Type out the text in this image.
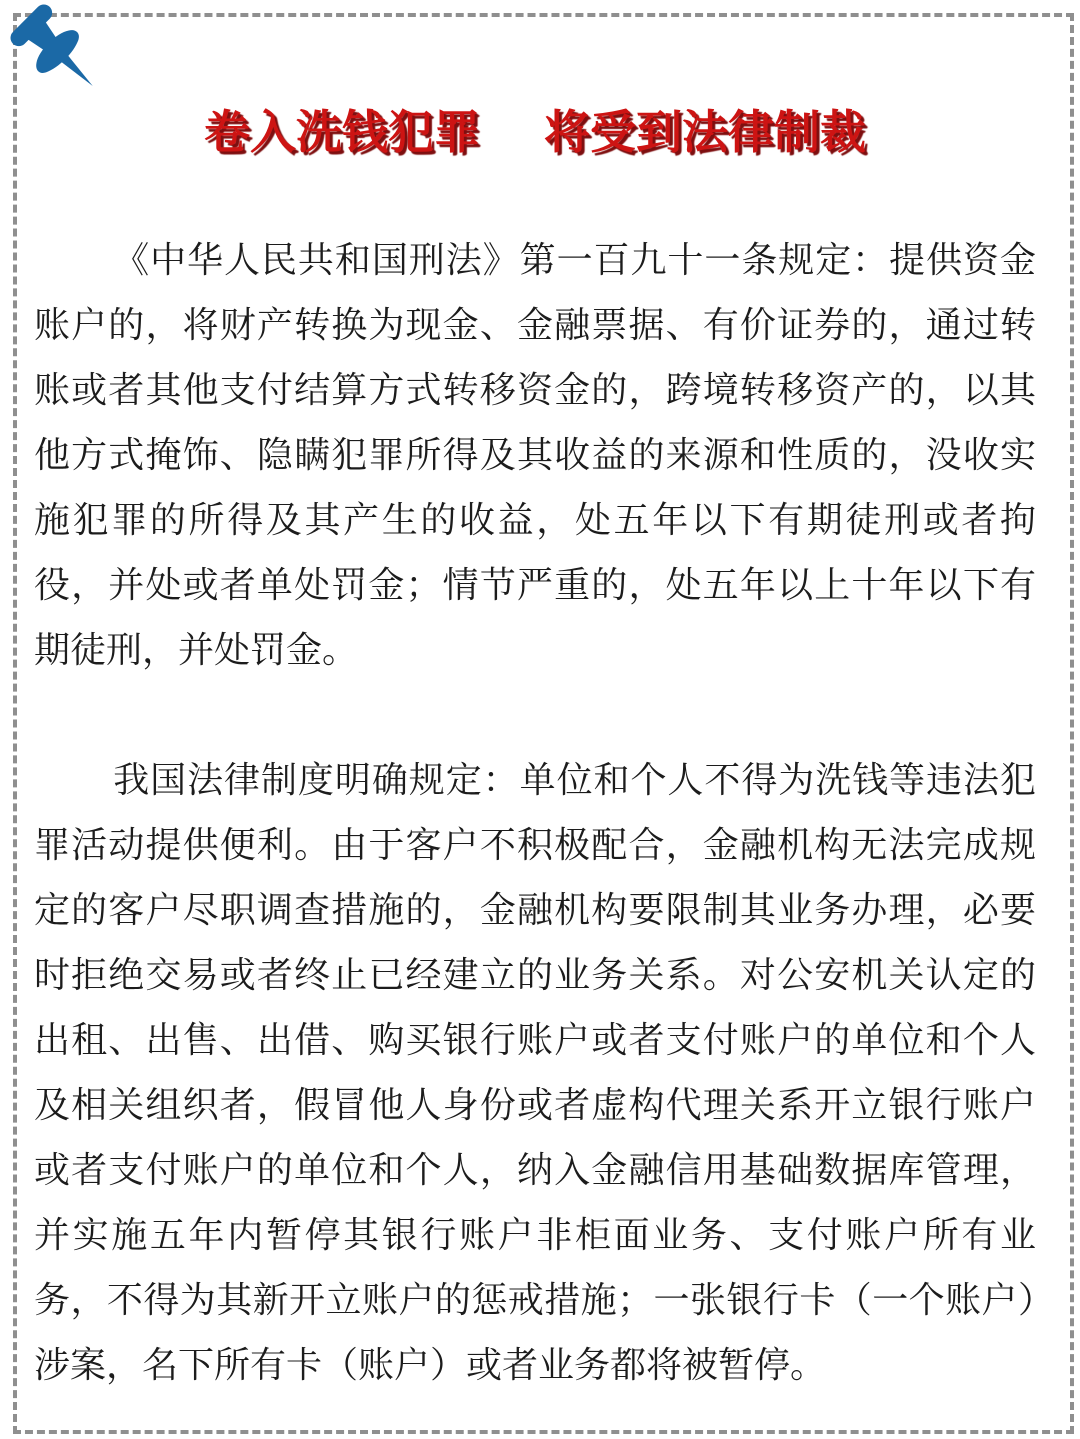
卷入洗钱犯罪 将受到法律制裁

《中华人民共和国刑法》第一百九十一条规定：提供资金账户的，将财产转换为现金、金融票据、有价证券的，通过转账或者其他支付结算方式转移资金的，跨境转移资产的，以其他方式掩饰、隐瞒犯罪所得及其收益的来源和性质的，没收实施犯罪的所得及其产生的收益，处五年以下有期徒刑或者拘役，并处或者单处罚金；情节严重的，处五年以上十年以下有期徒刑，并处罚金。

我国法律制度明确规定：单位和个人不得为洗钱等违法犯罪活动提供便利。由于客户不积极配合，金融机构无法完成规定的客户尽职调查措施的，金融机构要限制其业务办理，必要时拒绝交易或者终止已经建立的业务关系。对公安机关认定的出租、出售、出借、购买银行账户或者支付账户的单位和个人及相关组织者，假冒他人身份或者虚构代理关系开立银行账户或者支付账户的单位和个人，纳入金融信用基础数据库管理，并实施五年内暂停其银行账户非柜面业务、支付账户所有业务，不得为其新开立账户的惩戒措施；一张银行卡（一个账户）涉案，名下所有卡（账户）或者业务都将被暂停。
